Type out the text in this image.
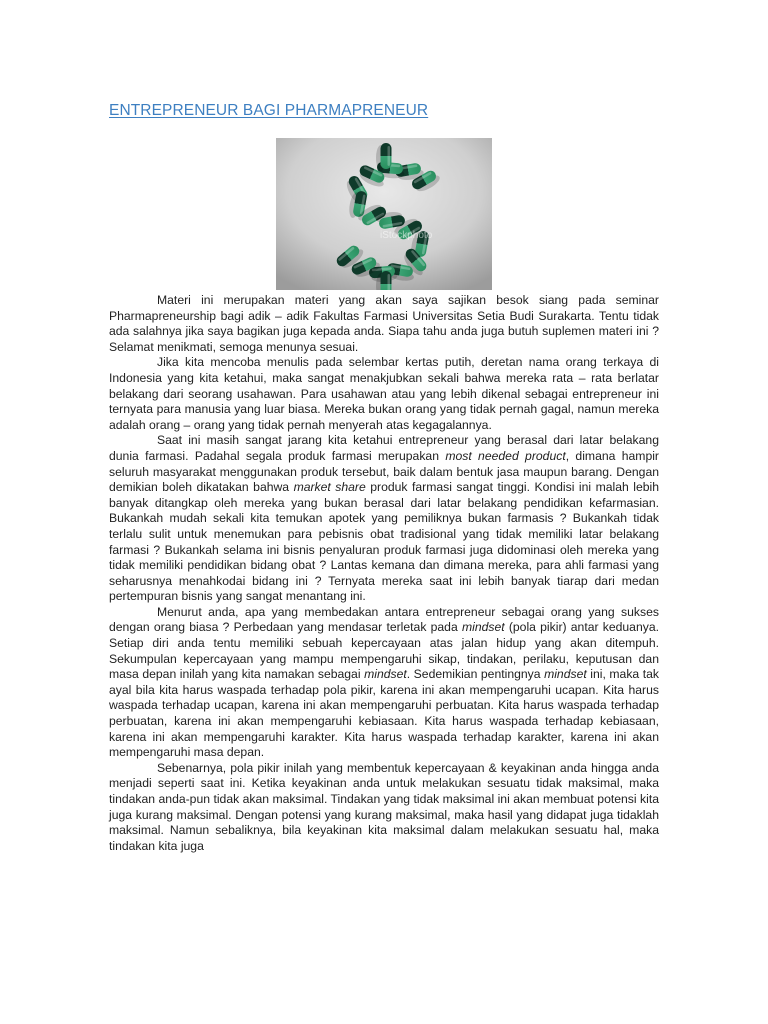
ENTREPRENEUR BAGI PHARMAPRENEUR
iStockphoto

Materi ini merupakan materi yang akan saya sajikan besok siang pada seminar Pharmapreneurship bagi adik – adik Fakultas Farmasi Universitas Setia Budi Surakarta. Tentu tidak ada salahnya jika saya bagikan juga kepada anda. Siapa tahu anda juga butuh suplemen materi ini ? Selamat menikmati, semoga menunya sesuai.

Jika kita mencoba menulis pada selembar kertas putih, deretan nama orang terkaya di Indonesia yang kita ketahui, maka sangat menakjubkan sekali bahwa mereka rata – rata berlatar belakang dari seorang usahawan. Para usahawan atau yang lebih dikenal sebagai entrepreneur ini ternyata para manusia yang luar biasa. Mereka bukan orang yang tidak pernah gagal, namun mereka adalah orang – orang yang tidak pernah menyerah atas kegagalannya.

Saat ini masih sangat jarang kita ketahui entrepreneur yang berasal dari latar belakang dunia farmasi. Padahal segala produk farmasi merupakan most needed product, dimana hampir seluruh masyarakat menggunakan produk tersebut, baik dalam bentuk jasa maupun barang. Dengan demikian boleh dikatakan bahwa market share produk farmasi sangat tinggi. Kondisi ini malah lebih banyak ditangkap oleh mereka yang bukan berasal dari latar belakang pendidikan kefarmasian. Bukankah mudah sekali kita temukan apotek yang pemiliknya bukan farmasis ? Bukankah tidak terlalu sulit untuk menemukan para pebisnis obat tradisional yang tidak memiliki latar belakang farmasi ? Bukankah selama ini bisnis penyaluran produk farmasi juga didominasi oleh mereka yang tidak memiliki pendidikan bidang obat ? Lantas kemana dan dimana mereka, para ahli farmasi yang seharusnya menahkodai bidang ini ? Ternyata mereka saat ini lebih banyak tiarap dari medan pertempuran bisnis yang sangat menantang ini.

Menurut anda, apa yang membedakan antara entrepreneur sebagai orang yang sukses dengan orang biasa ? Perbedaan yang mendasar terletak pada mindset (pola pikir) antar keduanya. Setiap diri anda tentu memiliki sebuah kepercayaan atas jalan hidup yang akan ditempuh. Sekumpulan kepercayaan yang mampu mempengaruhi sikap, tindakan, perilaku, keputusan dan masa depan inilah yang kita namakan sebagai mindset. Sedemikian pentingnya mindset ini, maka tak ayal bila kita harus waspada terhadap pola pikir, karena ini akan mempengaruhi ucapan. Kita harus waspada terhadap ucapan, karena ini akan mempengaruhi perbuatan. Kita harus waspada terhadap perbuatan, karena ini akan mempengaruhi kebiasaan. Kita harus waspada terhadap kebiasaan, karena ini akan mempengaruhi karakter. Kita harus waspada terhadap karakter, karena ini akan mempengaruhi masa depan.

Sebenarnya, pola pikir inilah yang membentuk kepercayaan & keyakinan anda hingga anda menjadi seperti saat ini. Ketika keyakinan anda untuk melakukan sesuatu tidak maksimal, maka tindakan anda-pun tidak akan maksimal. Tindakan yang tidak maksimal ini akan membuat potensi kita juga kurang maksimal. Dengan potensi yang kurang maksimal, maka hasil yang didapat juga tidaklah maksimal. Namun sebaliknya, bila keyakinan kita maksimal dalam melakukan sesuatu hal, maka tindakan kita juga
